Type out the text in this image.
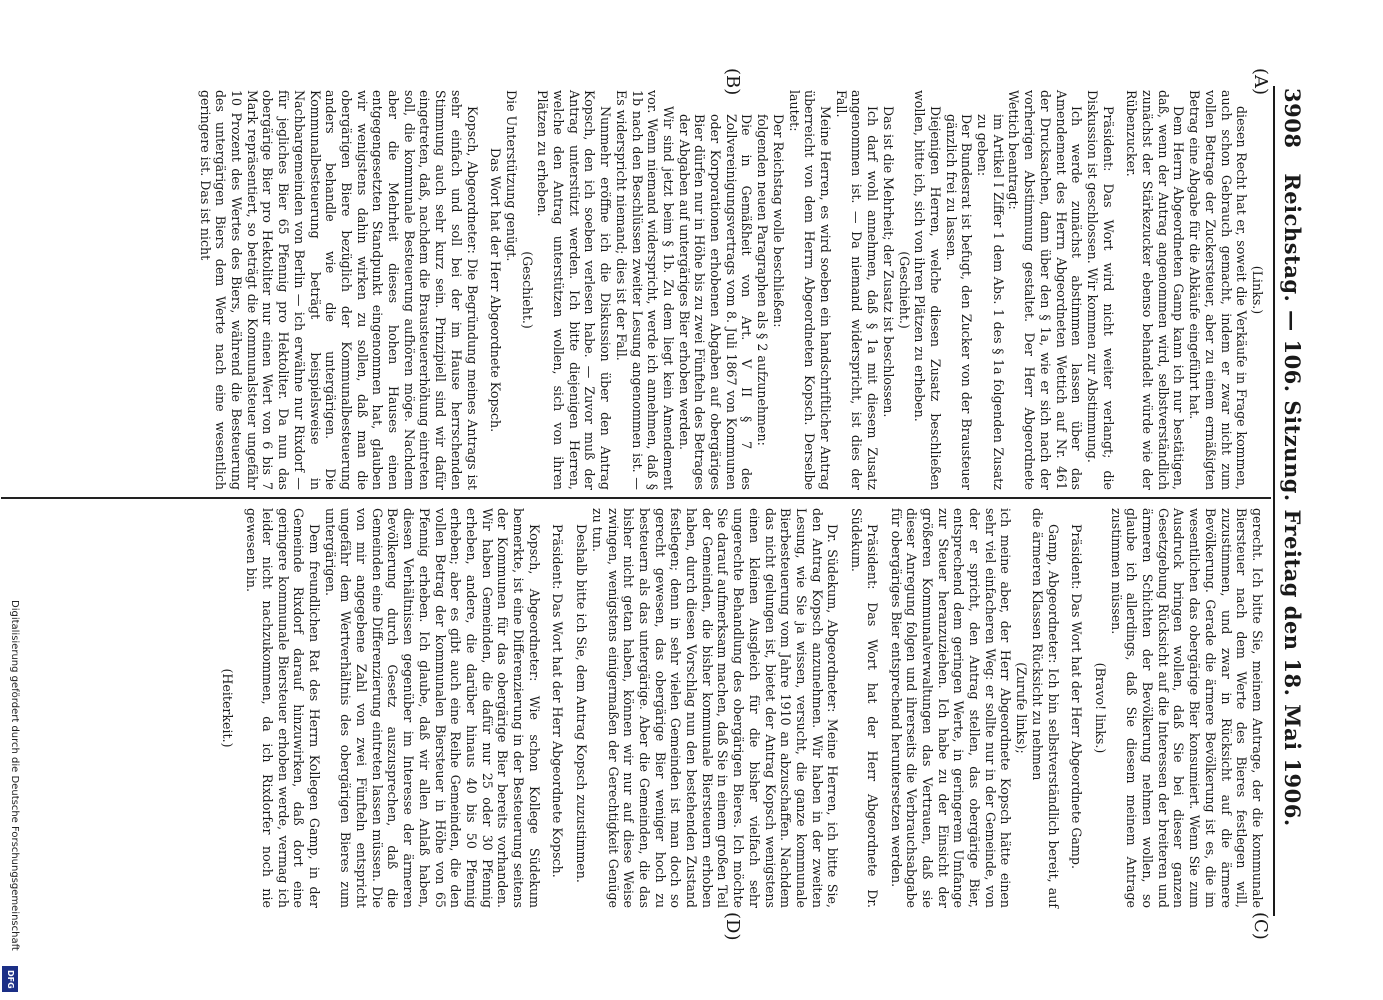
3908
Reichstag. — 106. Sitzung. Freitag den 18. Mai 1906.
(A)
(B)
(C)
(D)

(Links.)

diesen Recht hat er, soweit die Verkäufe in Frage kommen, auch schon Gebrauch gemacht, indem er zwar nicht zum vollen Betrage der Zuckersteuer, aber zu einem ermäßigten Betrag eine Abgabe für die Abkäufe eingeführt hat.

Dem Herrn Abgeordneten Gamp kann ich nur bestätigen, daß, wenn der Antrag angenommen wird, selbstverständlich zunächst der Stärkezucker ebenso behandelt würde wie der Rübenzucker.

Präsident: Das Wort wird nicht weiter verlangt; die Diskussion ist geschlossen. Wir kommen zur Abstimmung.

Ich werde zunächst abstimmen lassen über das Amendement des Herrn Abgeordneten Wettich auf Nr. 461 der Drucksachen, dann über den § 1a, wie er sich nach der vorherigen Abstimmung gestaltet. Der Herr Abgeordnete Wettich beantragt:

im Artikel I Ziffer 1 dem Abs. 1 des § 1a folgenden Zusatz zu geben:

Der Bundesrat ist befugt, den Zucker von der Brausteuer gänzlich frei zu lassen.

Diejenigen Herren, welche diesen Zusatz beschließen wollen, bitte ich, sich von ihren Plätzen zu erheben.

(Geschieht.)

Das ist die Mehrheit; der Zusatz ist beschlossen.

Ich darf wohl annehmen, daß § 1a mit diesem Zusatz angenommen ist. — Da niemand widerspricht, ist dies der Fall.

Meine Herren, es wird soeben ein handschriftlicher Antrag überreicht von dem Herrn Abgeordneten Kopsch. Derselbe lautet:

Der Reichstag wolle beschließen:

folgenden neuen Paragraphen als § 2 aufzunehmen:

Die in Gemäßheit von Art. V II § 7 des Zollvereinigungsvertrags vom 8. Juli 1867 von Kommunen oder Korporationen erhobenen Abgaben auf obergäriges Bier dürfen nur in Höhe bis zu zwei Fünfteln des Betrages der Abgaben auf untergäriges Bier erhoben werden.

Wir sind jetzt beim § 1b. Zu dem liegt kein Amendement vor. Wenn niemand widerspricht, werde ich annehmen, daß § 1b nach den Beschlüssen zweiter Lesung angenommen ist. — Es widerspricht niemand; dies ist der Fall.

Nunmehr eröffne ich die Diskussion über den Antrag Kopsch, den ich soeben verlesen habe. — Zuvor muß der Antrag unterstützt werden. Ich bitte diejenigen Herren, welche den Antrag unterstützen wollen, sich von ihren Plätzen zu erheben.

(Geschieht.)

Die Unterstützung genügt.

Das Wort hat der Herr Abgeordnete Kopsch.

Kopsch, Abgeordneter: Die Begründung meines Antrags ist sehr einfach und soll bei der im Hause herrschenden Stimmung auch sehr kurz sein. Prinzipiell sind wir dafür eingetreten, daß, nachdem die Brausteuererhöhung eintreten soll, die kommunale Besteuerung aufhören möge. Nachdem aber die Mehrheit dieses hohen Hauses einen entgegengesetzten Standpunkt eingenommen hat, glauben wir wenigstens dahin wirken zu sollen, daß man die obergärigen Biere bezüglich der Kommunalbesteuerung anders behandle wie die untergärigen. Die Kommunalbesteuerung beträgt beispielsweise in Nachbargemeinden von Berlin — ich erwähne nur Rixdorf — für jegliches Bier 65 Pfennig pro Hektoliter. Da nun das obergärige Bier pro Hektoliter nur einen Wert von 6 bis 7 Mark repräsentiert, so beträgt die Kommunalsteuer ungefähr 10 Prozent des Wertes des Biers, während die Besteuerung des untergärigen Biers dem Werte nach eine wesentlich geringere ist. Das ist nicht

gerecht. Ich bitte Sie, meinem Antrage, der die kommunale Biersteuer nach dem Werte des Bieres festlegen will, zuzustimmen, und zwar in Rücksicht auf die ärmere Bevölkerung. Gerade die ärmere Bevölkerung ist es, die im wesentlichen das obergärige Bier konsumiert. Wenn Sie zum Ausdruck bringen wollen, daß Sie bei dieser ganzen Gesetzgebung Rücksicht auf die Interessen der breiteren und ärmeren Schichten der Bevölkerung nehmen wollen, so glaube ich allerdings, daß Sie diesem meinem Antrage zustimmen müssen.

(Bravo! links.)

Präsident: Das Wort hat der Herr Abgeordnete Gamp.

Gamp, Abgeordneter: Ich bin selbstverständlich bereit, auf die ärmeren Klassen Rücksicht zu nehmen

(Zurufe links);

ich meine aber, der Herr Abgeordnete Kopsch hätte einen sehr viel einfacheren Weg: er sollte nur in der Gemeinde, von der er spricht, den Antrag stellen, das obergärige Bier, entsprechend dem geringen Werte, in geringerem Umfange zur Steuer heranzuziehen. Ich habe zu der Einsicht der größeren Kommunalverwaltungen das Vertrauen, daß sie dieser Anregung folgen und ihrerseits die Verbrauchsabgabe für obergäriges Bier entsprechend heruntersetzen werden.

Präsident: Das Wort hat der Herr Abgeordnete Dr. Südekum.

Dr. Südekum, Abgeordneter: Meine Herren, ich bitte Sie, den Antrag Kopsch anzunehmen. Wir haben in der zweiten Lesung, wie Sie ja wissen, versucht, die ganze kommunale Bierbesteuerung vom Jahre 1910 an abzuschaffen. Nachdem das nicht gelungen ist, bietet der Antrag Kopsch wenigstens einen kleinen Ausgleich für die bisher vielfach sehr ungerechte Behandlung des obergärigen Bieres. Ich möchte Sie darauf aufmerksam machen, daß Sie in einem großen Teil der Gemeinden, die bisher kommunale Biersteuern erhoben haben, durch diesen Vorschlag nun den bestehenden Zustand festlegen; denn in sehr vielen Gemeinden ist man doch so gerecht gewesen, das obergärige Bier weniger hoch zu besteuern als das untergärige. Aber die Gemeinden, die das bisher nicht getan haben, können wir nur auf diese Weise zwingen, wenigstens einigermaßen der Gerechtigkeit Genüge zu tun.

Deshalb bitte ich Sie, dem Antrag Kopsch zuzustimmen.

Präsident: Das Wort hat der Herr Abgeordnete Kopsch.

Kopsch, Abgeordneter: Wie schon Kollege Südekum bemerkte, ist eine Differenzierung in der Besteuerung seitens der Kommunen für das obergärige Bier bereits vorhanden. Wir haben Gemeinden, die dafür nur 25 oder 30 Pfennig erheben, andere, die darüber hinaus 40 bis 50 Pfennig erheben; aber es gibt auch eine Reihe Gemeinden, die den vollen Betrag der kommunalen Biersteuer in Höhe von 65 Pfennig erheben. Ich glaube, daß wir allen Anlaß haben, diesen Verhältnissen gegenüber im Interesse der ärmeren Bevölkerung durch Gesetz auszusprechen, daß die Gemeinden eine Differenzierung eintreten lassen müssen. Die von mir angegebene Zahl von zwei Fünfteln entspricht ungefähr dem Wertverhältnis des obergärigen Bieres zum untergärigen.

Dem freundlichen Rat des Herrn Kollegen Gamp, in der Gemeinde Rixdorf darauf hinzuwirken, daß dort eine geringere kommunale Biersteuer erhoben werde, vermag ich leider nicht nachzukommen, da ich Rixdorfer noch nie gewesen bin.

(Heiterkeit.)

Digitalisierung gefördert durch die Deutsche Forschungsgemeinschaft
DFG
